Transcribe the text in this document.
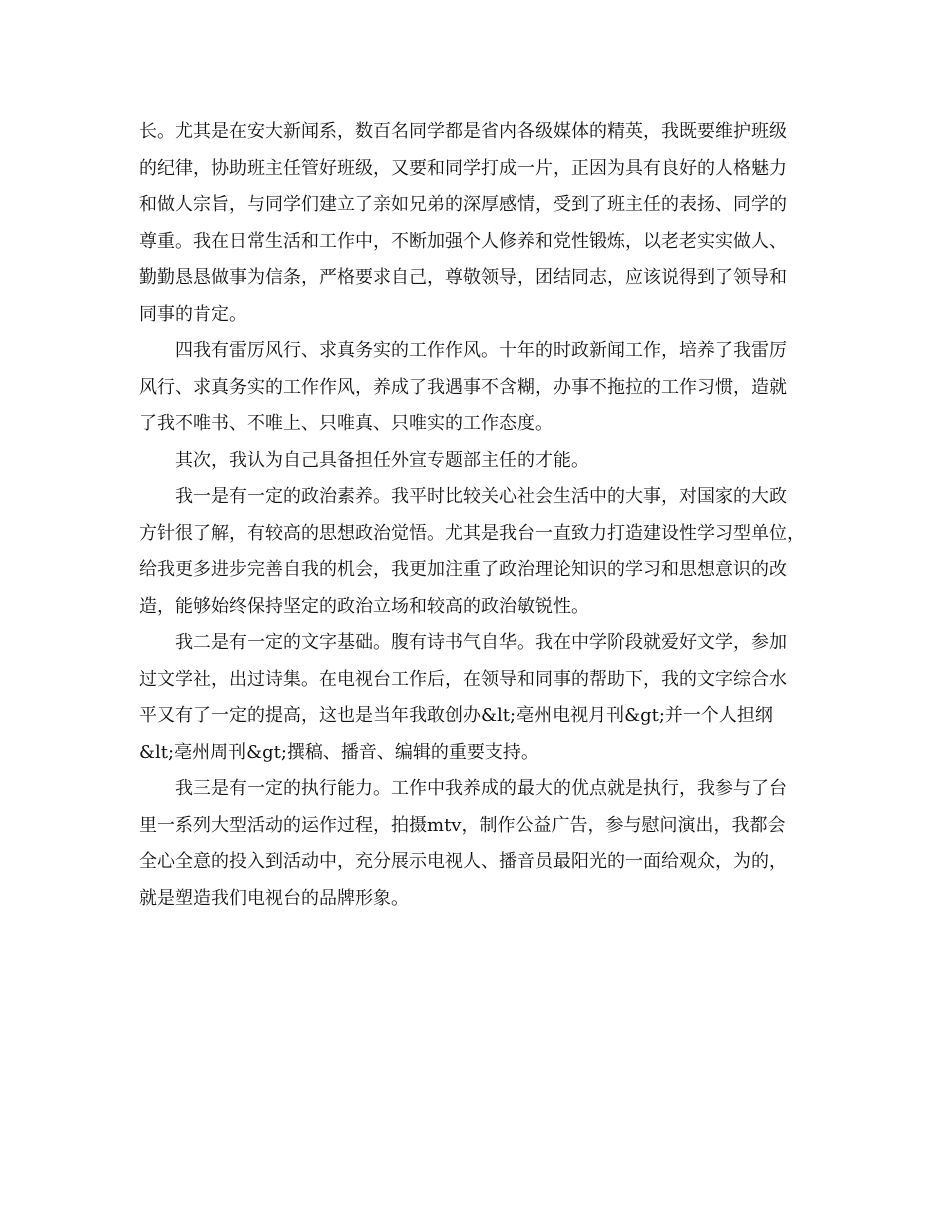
长。尤其是在安大新闻系，数百名同学都是省内各级媒体的精英，我既要维护班级
的纪律，协助班主任管好班级，又要和同学打成一片，正因为具有良好的人格魅力
和做人宗旨，与同学们建立了亲如兄弟的深厚感情，受到了班主任的表扬、同学的
尊重。我在日常生活和工作中，不断加强个人修养和党性锻炼，以老老实实做人、
勤勤恳恳做事为信条，严格要求自己，尊敬领导，团结同志，应该说得到了领导和
同事的肯定。
四我有雷厉风行、求真务实的工作作风。十年的时政新闻工作，培养了我雷厉
风行、求真务实的工作作风，养成了我遇事不含糊，办事不拖拉的工作习惯，造就
了我不唯书、不唯上、只唯真、只唯实的工作态度。
其次，我认为自己具备担任外宣专题部主任的才能。
我一是有一定的政治素养。我平时比较关心社会生活中的大事，对国家的大政
方针很了解，有较高的思想政治觉悟。尤其是我台一直致力打造建设性学习型单位，
给我更多进步完善自我的机会，我更加注重了政治理论知识的学习和思想意识的改
造，能够始终保持坚定的政治立场和较高的政治敏锐性。
我二是有一定的文字基础。腹有诗书气自华。我在中学阶段就爱好文学，参加
过文学社，出过诗集。在电视台工作后，在领导和同事的帮助下，我的文字综合水
平又有了一定的提高，这也是当年我敢创办&lt;亳州电视月刊&gt;并一个人担纲
&lt;亳州周刊&gt;撰稿、播音、编辑的重要支持。
我三是有一定的执行能力。工作中我养成的最大的优点就是执行，我参与了台
里一系列大型活动的运作过程，拍摄mtv，制作公益广告，参与慰问演出，我都会
全心全意的投入到活动中，充分展示电视人、播音员最阳光的一面给观众，为的，
就是塑造我们电视台的品牌形象。
